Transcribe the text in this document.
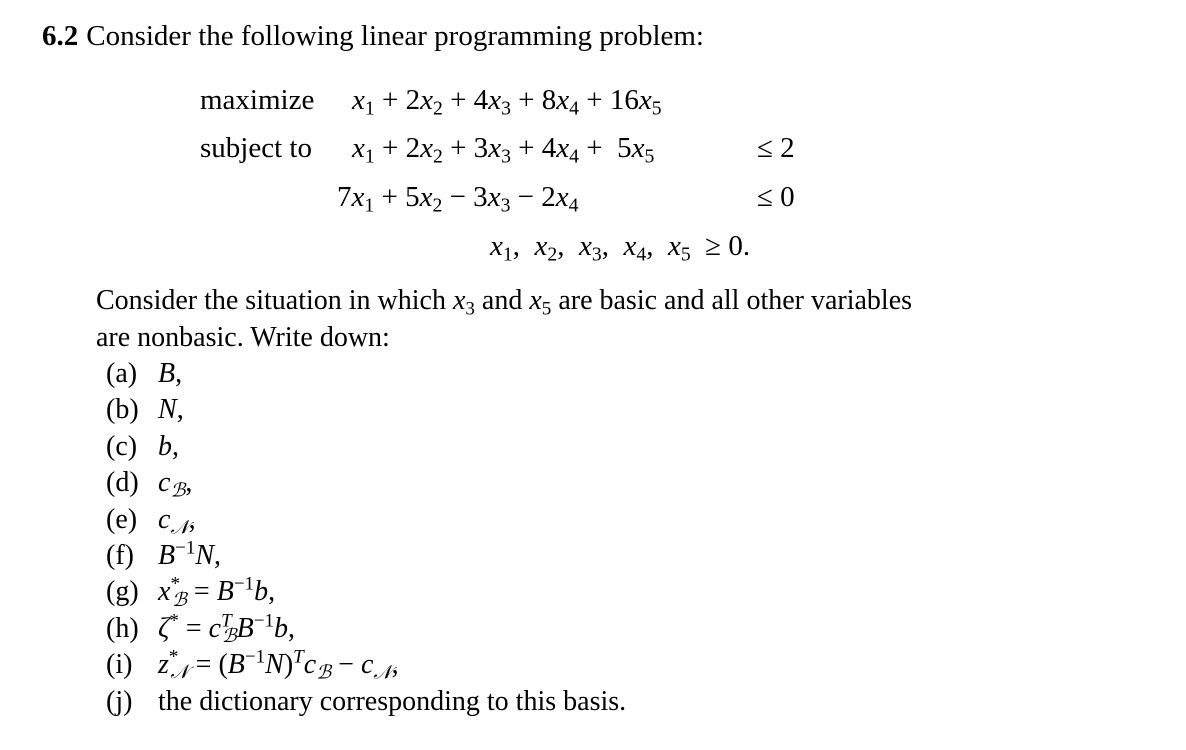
6.2 Consider the following linear programming problem:
maximize $x_1 + 2x_2 + 4x_3 + 8x_4 + 16x_5$
subject to $x_1 + 2x_2 + 3x_3 + 4x_4 + 5x_5$	≤ 2
$7x_1 + 5x_2 - 3x_3 - 2x_4$	≤ 0
$x_1$,  $x_2$,  $x_3$,  $x_4$,  $x_5 \ge 0$.
Consider the situation in which $x_3$ and $x_5$ are basic and all other variables
are nonbasic. Write down:
(a) B,
(b) N,
(c) b,
(d) $c_ℬ$,
(e) $c_𝒩$,
(f) $B^{-1}N$,
(g) $x^*_ℬ = B^{-1}b$,
(h) $\zeta^* = c^T_ℬB^{-1}b$,
(i) $z^*_𝒩 = (B^{-1}N)^Tc_ℬ - c_𝒩$,
(j) the dictionary corresponding to this basis.
